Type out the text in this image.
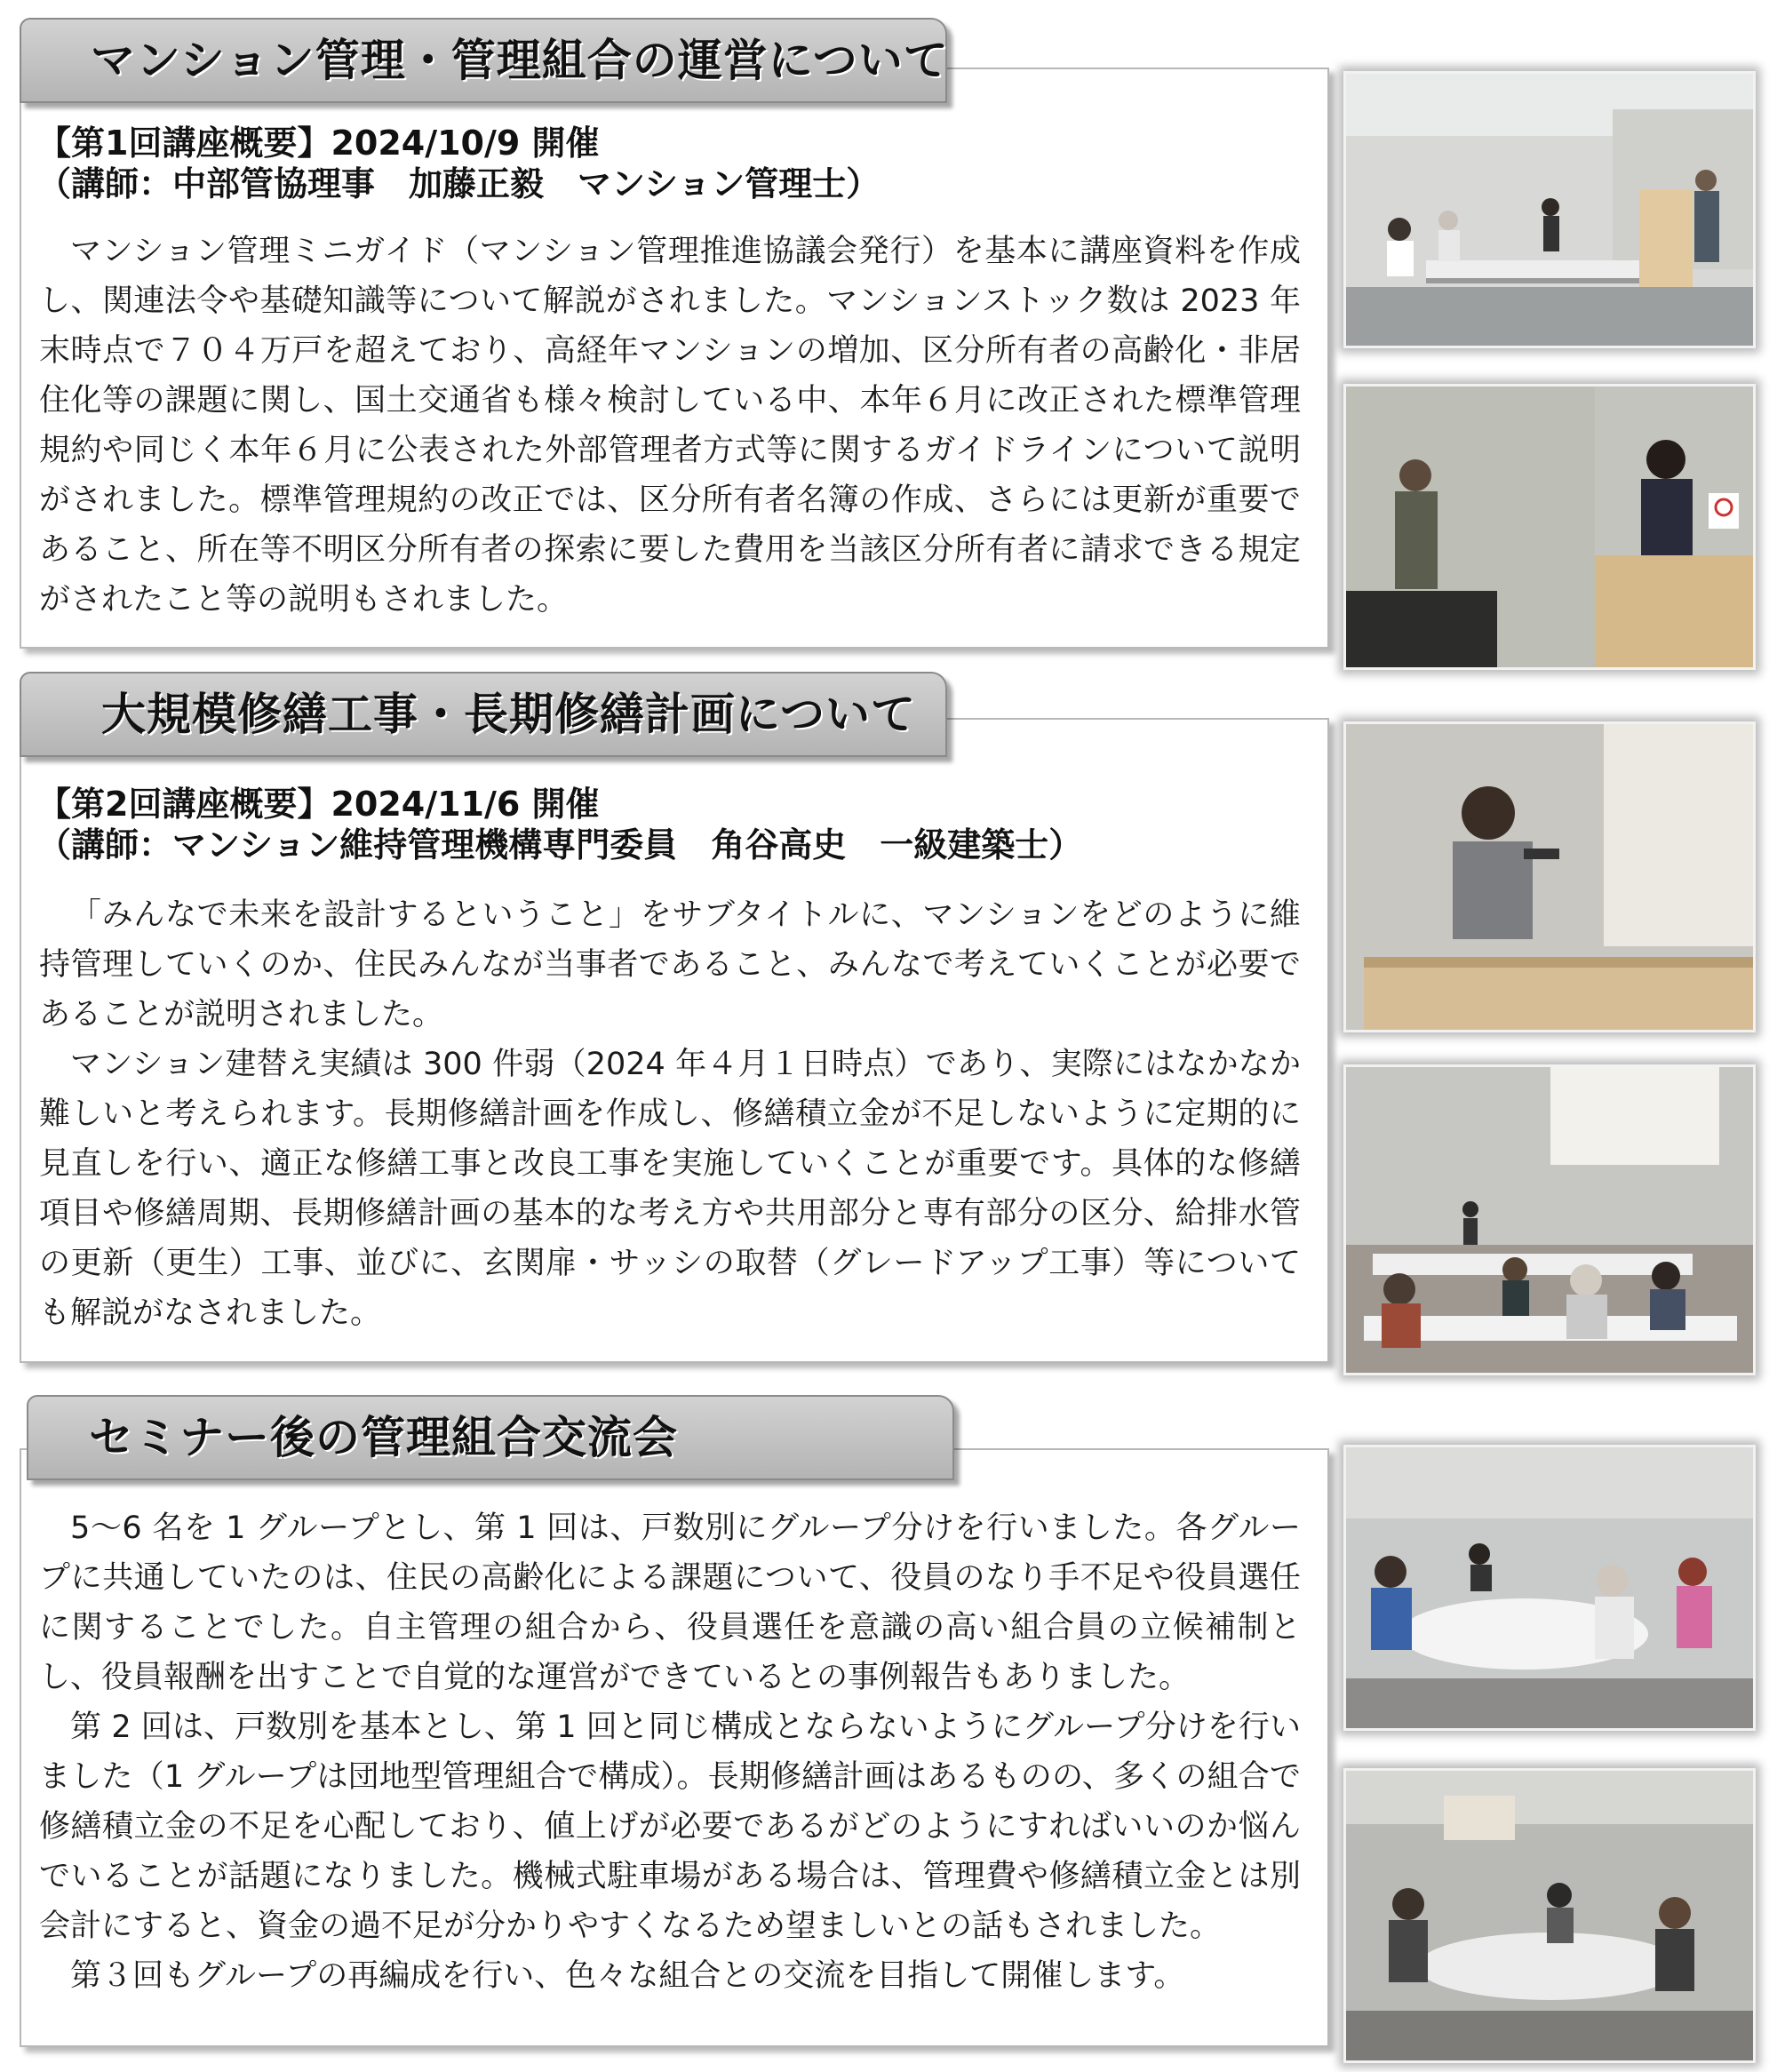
マンション管理・管理組合の運営について
【第1回講座概要】2024/10/9 開催
（講師：中部管協理事　加藤正毅　マンション管理士）

マンション管理ミニガイド（マンション管理推進協議会発行）を基本に講座資料を作成し、関連法令や基礎知識等について解説がされました。マンションストック数は 2023 年末時点で７０４万戸を超えており、高経年マンションの増加、区分所有者の高齢化・非居住化等の課題に関し、国土交通省も様々検討している中、本年６月に改正された標準管理規約や同じく本年６月に公表された外部管理者方式等に関するガイドラインについて説明がされました。標準管理規約の改正では、区分所有者名簿の作成、さらには更新が重要であること、所在等不明区分所有者の探索に要した費用を当該区分所有者に請求できる規定がされたこと等の説明もされました。

大規模修繕工事・長期修繕計画について
【第2回講座概要】2024/11/6 開催
（講師：マンション維持管理機構専門委員　角谷高史　一級建築士）

「みんなで未来を設計するということ」をサブタイトルに、マンションをどのように維持管理していくのか、住民みんなが当事者であること、みんなで考えていくことが必要であることが説明されました。

マンション建替え実績は 300 件弱（2024 年４月１日時点）であり、実際にはなかなか難しいと考えられます。長期修繕計画を作成し、修繕積立金が不足しないように定期的に見直しを行い、適正な修繕工事と改良工事を実施していくことが重要です。具体的な修繕項目や修繕周期、長期修繕計画の基本的な考え方や共用部分と専有部分の区分、給排水管の更新（更生）工事、並びに、玄関扉・サッシの取替（グレードアップ工事）等についても解説がなされました。

セミナー後の管理組合交流会

5～6 名を 1 グループとし、第 1 回は、戸数別にグループ分けを行いました。各グループに共通していたのは、住民の高齢化による課題について、役員のなり手不足や役員選任に関することでした。自主管理の組合から、役員選任を意識の高い組合員の立候補制とし、役員報酬を出すことで自覚的な運営ができているとの事例報告もありました。

第 2 回は、戸数別を基本とし、第 1 回と同じ構成とならないようにグループ分けを行いました（1 グループは団地型管理組合で構成）。長期修繕計画はあるものの、多くの組合で修繕積立金の不足を心配しており、値上げが必要であるがどのようにすればいいのか悩んでいることが話題になりました。機械式駐車場がある場合は、管理費や修繕積立金とは別会計にすると、資金の過不足が分かりやすくなるため望ましいとの話もされました。

第３回もグループの再編成を行い、色々な組合との交流を目指して開催します。
